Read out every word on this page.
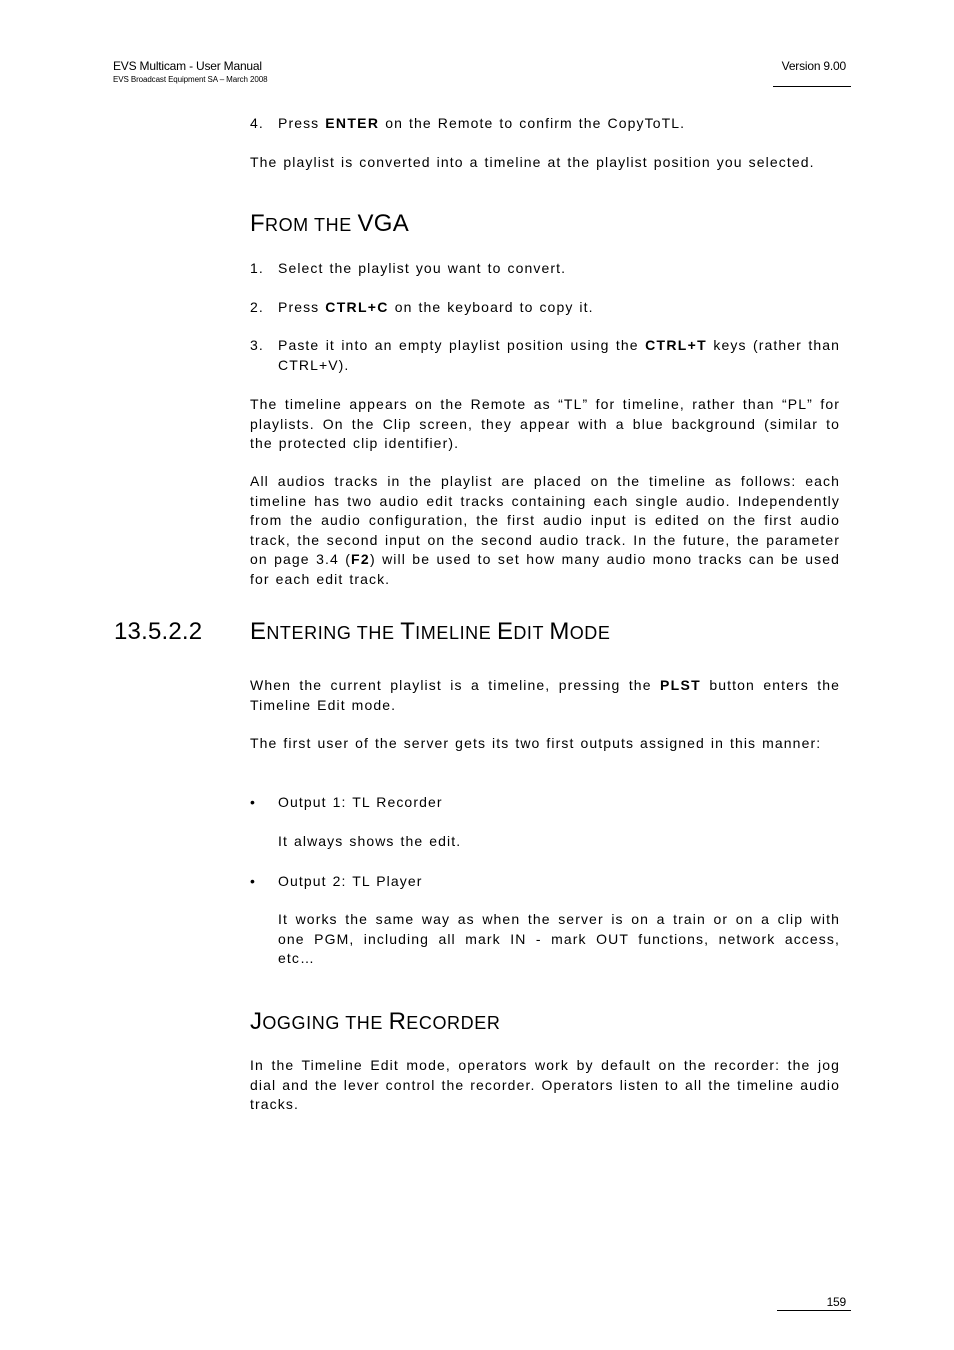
EVS Multicam - User Manual
EVS Broadcast Equipment SA – March 2008
Version 9.00
4.	Press ENTER on the Remote to confirm the CopyToTL.
The playlist is converted into a timeline at the playlist position you selected.
FROM THE VGA
1.	Select the playlist you want to convert.
2.	Press CTRL+C on the keyboard to copy it.
3.	Paste it into an empty playlist position using the CTRL+T keys (rather than CTRL+V).
The timeline appears on the Remote as “TL” for timeline, rather than “PL” for playlists. On the Clip screen, they appear with a blue background (similar to the protected clip identifier).
All audios tracks in the playlist are placed on the timeline as follows: each timeline has two audio edit tracks containing each single audio. Independently from the audio configuration, the first audio input is edited on the first audio track, the second input on the second audio track. In the future, the parameter on page 3.4 (F2) will be used to set how many audio mono tracks can be used for each edit track.
13.5.2.2 ENTERING THE TIMELINE EDIT MODE
When the current playlist is a timeline, pressing the PLST button enters the Timeline Edit mode.
The first user of the server gets its two first outputs assigned in this manner:
•	Output 1: TL Recorder
It always shows the edit.
•	Output 2: TL Player
It works the same way as when the server is on a train or on a clip with one PGM, including all mark IN - mark OUT functions, network access, etc…
JOGGING THE RECORDER
In the Timeline Edit mode, operators work by default on the recorder: the jog dial and the lever control the recorder. Operators listen to all the timeline audio tracks.
159
